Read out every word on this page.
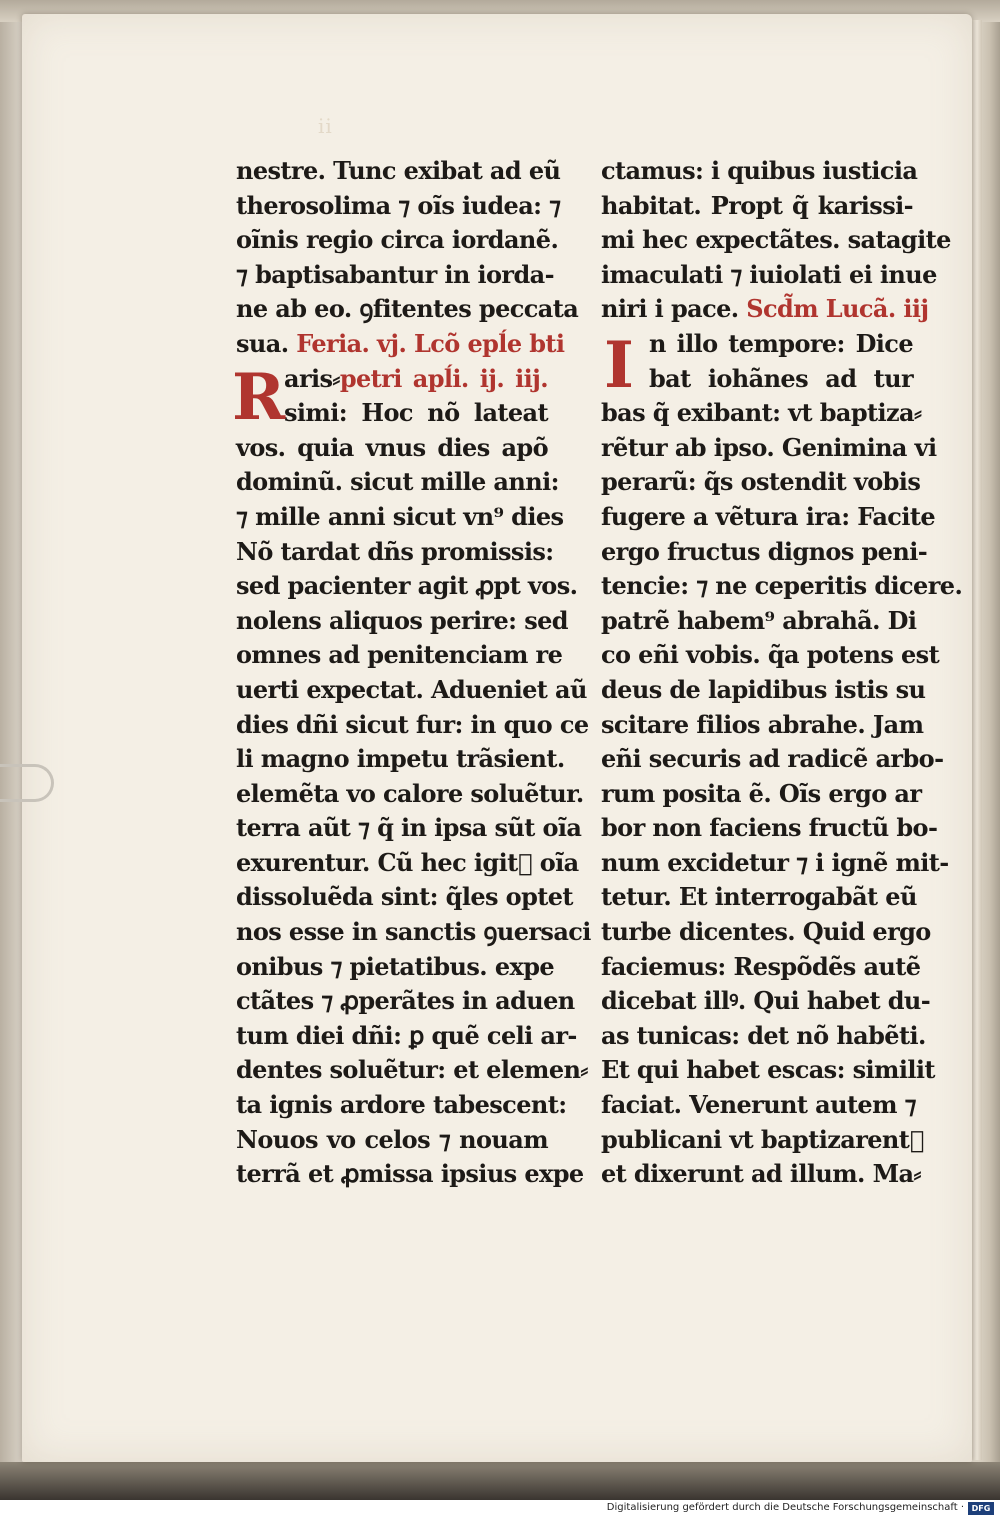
ii
R
nestre. Tunc exibat ad eũ
therosolima ⁊ oĩs iudea: ⁊
oĩnis regio circa iordanẽ.
⁊ baptisabantur in iorda-
ne ab eo. ꝯfitentes peccata
sua. Feria. vj. Lcõ epĺe bti
aris⸗petri apĺi. ij. iij.
simi: Hoc nõ lateat
vos. quia vnus dies apõ
dominũ. sicut mille anni:
⁊ mille anni sicut vn⁹ dies
Nõ tardat dñs promissis:
sed pacienter agit ꝓpt vos.
nolens aliquos perire: sed
omnes ad penitenciam re
uerti expectat. Adueniet aũ
dies dñi sicut fur: in quo ce
li magno impetu trãsient.
elemẽta vo calore soluẽtur.
terra aũt ⁊ q̃ in ipsa sũt oĩa
exurentur. Cũ hec igit᷑ oĩa
dissoluẽda sint: q̃les optet
nos esse in sanctis ꝯuersaci
onibus ⁊ pietatibus. expe
ctãtes ⁊ ꝓperãtes in aduen
tum diei dñi: ꝑ quẽ celi ar-
dentes soluẽtur: et elemen⸗
ta ignis ardore tabescent:
Nouos vo celos ⁊ nouam
terrã et ꝓmissa ipsius expe
I
ctamus: i quibus iusticia
habitat. Propt q̃ karissi-
mi hec expectãtes. satagite
imaculati ⁊ iuiolati ei inue
niri i pace. Scd̃m Lucã. iij
n illo tempore: Dice
bat iohãnes ad tur
bas q̃ exibant: vt baptiza⸗
rẽtur ab ipso. Genimina vi
perarũ: q̃s ostendit vobis
fugere a vẽtura ira: Facite
ergo fructus dignos peni-
tencie: ⁊ ne ceperitis dicere.
patrẽ habem⁹ abrahã. Di
co eñi vobis. q̃a potens est
deus de lapidibus istis su
scitare filios abrahe. Jam
eñi securis ad radicẽ arbo-
rum posita ẽ. Oĩs ergo ar
bor non faciens fructũ bo-
num excidetur ⁊ i ignẽ mit-
tetur. Et interrogabãt eũ
turbe dicentes. Quid ergo
faciemus: Respõdẽs autẽ
dicebat illꝰ. Qui habet du-
as tunicas: det nõ habẽti.
Et qui habet escas: similit
faciat. Venerunt autem ⁊
publicani vt baptizarent᷑
et dixerunt ad illum. Ma⸗
Digitalisierung gefördert durch die Deutsche Forschungsgemeinschaft · DFG
